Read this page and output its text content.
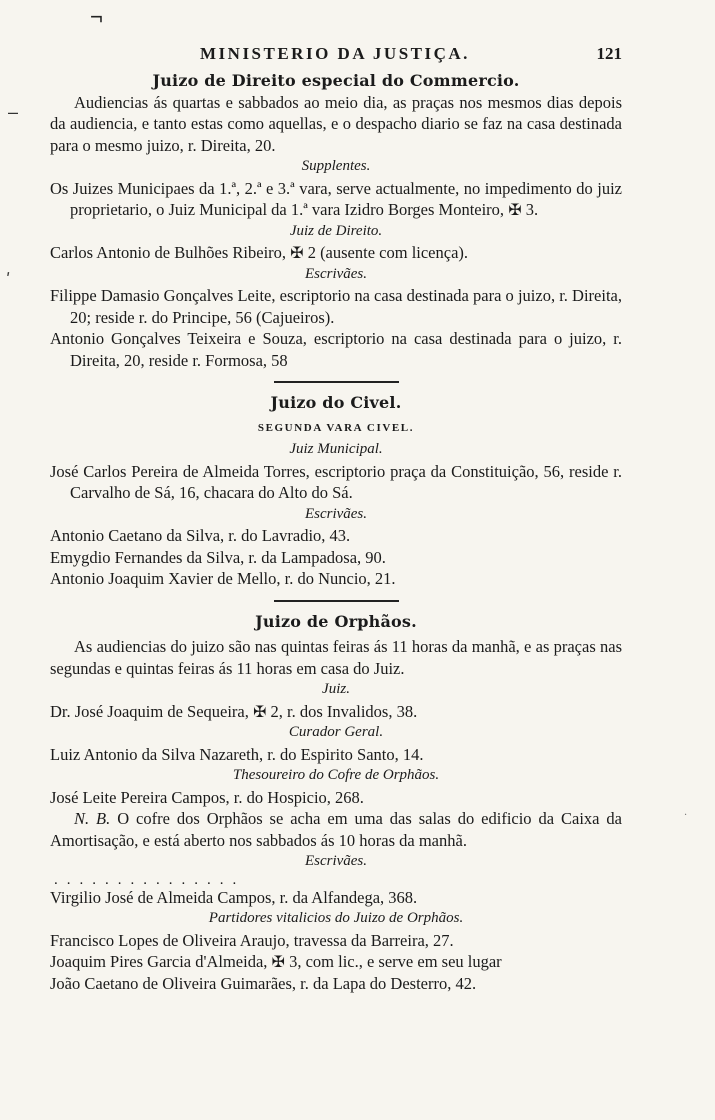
¬
–
ʹ
·
MINISTERIO DA JUSTIÇA.	121
Juizo de Direito especial do Commercio.
Audiencias ás quartas e sabbados ao meio dia, as praças nos mesmos dias depois da audiencia, e tanto estas como aquellas, e o despacho diario se faz na casa destinada para o mesmo juizo, r. Direita, 20.
Supplentes.
Os Juizes Municipaes da 1.ª, 2.ª e 3.ª vara, serve actualmente, no impedimento do juiz proprietario, o Juiz Municipal da 1.ª vara Izidro Borges Monteiro, ✠ 3.
Juiz de Direito.
Carlos Antonio de Bulhões Ribeiro, ✠ 2 (ausente com licença).
Escrivães.
Filippe Damasio Gonçalves Leite, escriptorio na casa destinada para o juizo, r. Direita, 20; reside r. do Principe, 56 (Cajueiros).
Antonio Gonçalves Teixeira e Souza, escriptorio na casa destinada para o juizo, r. Direita, 20, reside r. Formosa, 58
Juizo do Civel.
SEGUNDA VARA CIVEL.
Juiz Municipal.
José Carlos Pereira de Almeida Torres, escriptorio praça da Constituição, 56, reside r. Carvalho de Sá, 16, chacara do Alto do Sá.
Escrivães.
Antonio Caetano da Silva, r. do Lavradio, 43.
Emygdio Fernandes da Silva, r. da Lampadosa, 90.
Antonio Joaquim Xavier de Mello, r. do Nuncio, 21.
Juizo de Orphãos.
As audiencias do juizo são nas quintas feiras ás 11 horas da manhã, e as praças nas segundas e quintas feiras ás 11 horas em casa do Juiz.
Juiz.
Dr. José Joaquim de Sequeira, ✠ 2, r. dos Invalidos, 38.
Curador Geral.
Luiz Antonio da Silva Nazareth, r. do Espirito Santo, 14.
Thesoureiro do Cofre de Orphãos.
José Leite Pereira Campos, r. do Hospicio, 268.
N. B. O cofre dos Orphãos se acha em uma das salas do edificio da Caixa da Amortisação, e está aberto nos sabbados ás 10 horas da manhã.
Escrivães.
...............
Virgilio José de Almeida Campos, r. da Alfandega, 368.
Partidores vitalicios do Juizo de Orphãos.
Francisco Lopes de Oliveira Araujo, travessa da Barreira, 27.
Joaquim Pires Garcia d'Almeida, ✠ 3, com lic., e serve em seu lugar
João Caetano de Oliveira Guimarães, r. da Lapa do Desterro, 42.
